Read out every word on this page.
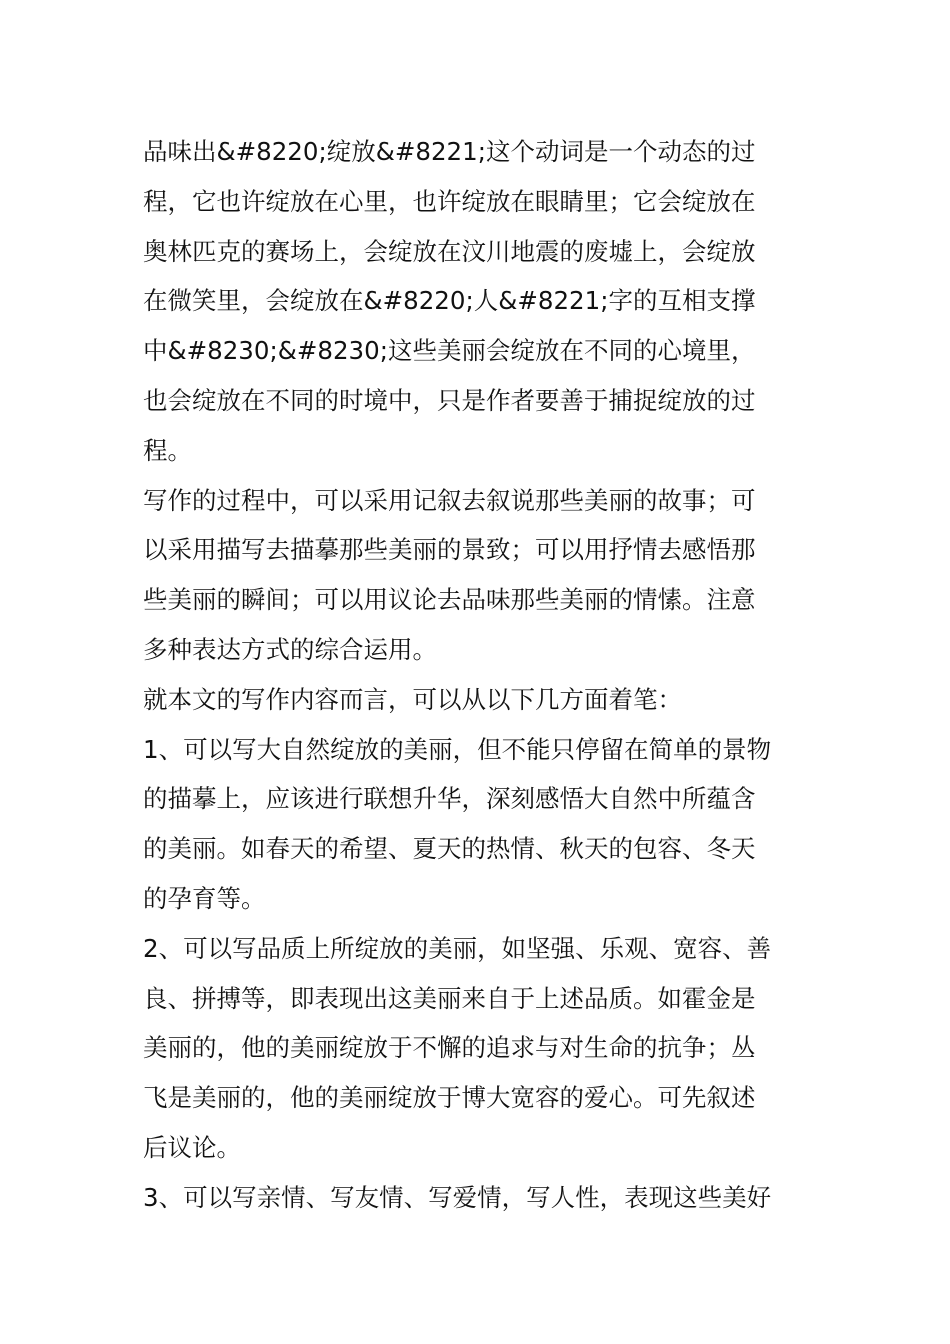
品味出&#8220;绽放&#8221;这个动词是一个动态的过
程，它也许绽放在心里，也许绽放在眼睛里；它会绽放在
奥林匹克的赛场上，会绽放在汶川地震的废墟上，会绽放
在微笑里，会绽放在&#8220;人&#8221;字的互相支撑
中&#8230;&#8230;这些美丽会绽放在不同的心境里，
也会绽放在不同的时境中，只是作者要善于捕捉绽放的过
程。
写作的过程中，可以采用记叙去叙说那些美丽的故事；可
以采用描写去描摹那些美丽的景致；可以用抒情去感悟那
些美丽的瞬间；可以用议论去品味那些美丽的情愫。注意
多种表达方式的综合运用。
就本文的写作内容而言，可以从以下几方面着笔：
1、可以写大自然绽放的美丽，但不能只停留在简单的景物
的描摹上，应该进行联想升华，深刻感悟大自然中所蕴含
的美丽。如春天的希望、夏天的热情、秋天的包容、冬天
的孕育等。
2、可以写品质上所绽放的美丽，如坚强、乐观、宽容、善
良、拼搏等，即表现出这美丽来自于上述品质。如霍金是
美丽的，他的美丽绽放于不懈的追求与对生命的抗争；丛
飞是美丽的，他的美丽绽放于博大宽容的爱心。可先叙述
后议论。
3、可以写亲情、写友情、写爱情，写人性，表现这些美好
